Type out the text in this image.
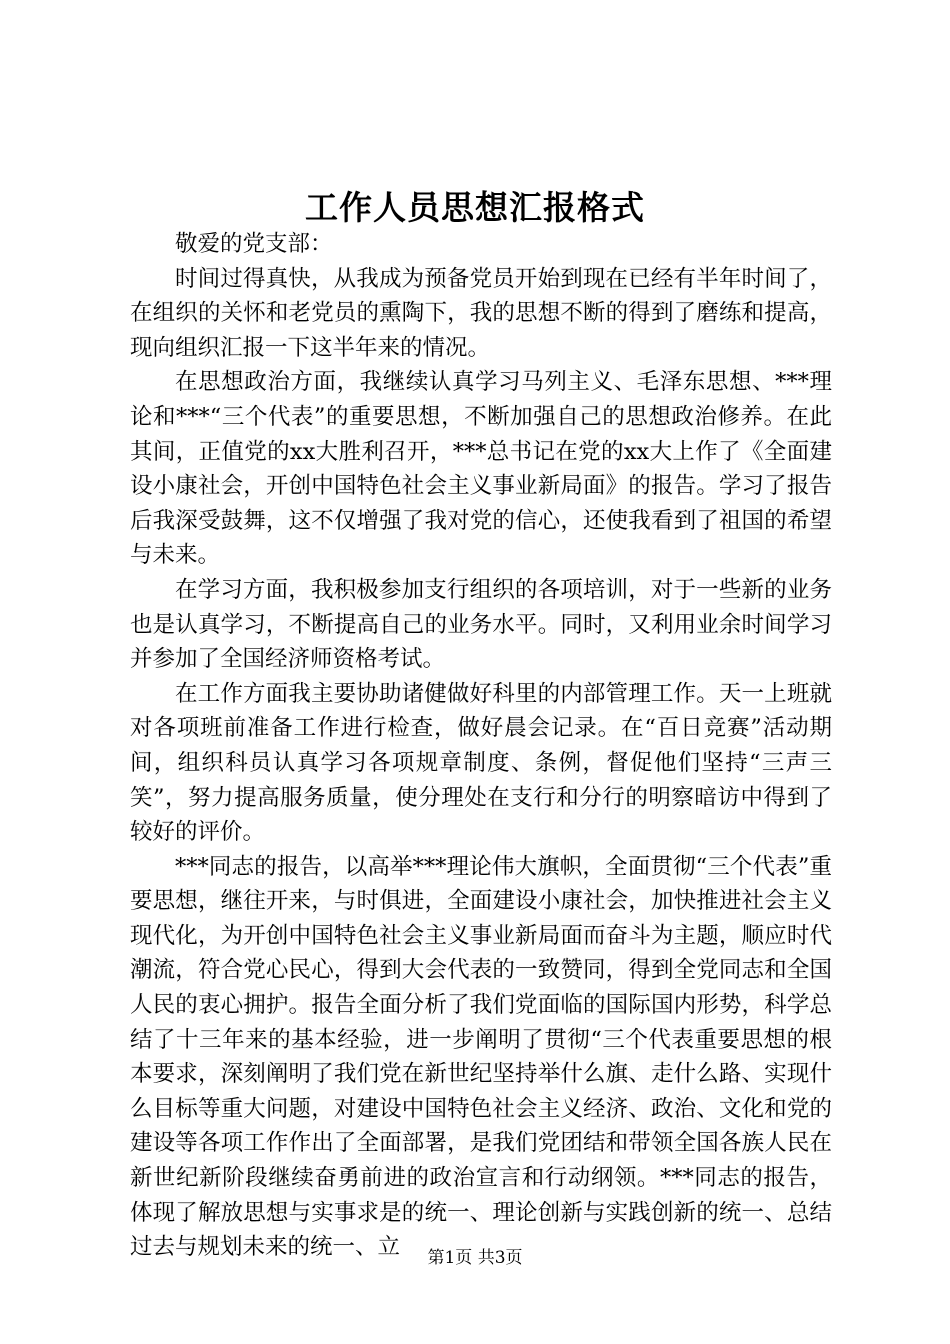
工作人员思想汇报格式

敬爱的党支部：

时间过得真快，从我成为预备党员开始到现在已经有半年时间了，在组织的关怀和老党员的熏陶下，我的思想不断的得到了磨练和提高，现向组织汇报一下这半年来的情况。

在思想政治方面，我继续认真学习马列主义、毛泽东思想、***理论和***“三个代表”的重要思想，不断加强自己的思想政治修养。在此其间，正值党的xx大胜利召开，***总书记在党的xx大上作了《全面建设小康社会，开创中国特色社会主义事业新局面》的报告。学习了报告后我深受鼓舞，这不仅增强了我对党的信心，还使我看到了祖国的希望与未来。

在学习方面，我积极参加支行组织的各项培训，对于一些新的业务也是认真学习，不断提高自己的业务水平。同时，又利用业余时间学习并参加了全国经济师资格考试。

在工作方面我主要协助诸健做好科里的内部管理工作。天一上班就对各项班前准备工作进行检查，做好晨会记录。在“百日竞赛”活动期间，组织科员认真学习各项规章制度、条例，督促他们坚持“三声三笑”，努力提高服务质量，使分理处在支行和分行的明察暗访中得到了较好的评价。

***同志的报告，以高举***理论伟大旗帜，全面贯彻“三个代表”重要思想，继往开来，与时俱进，全面建设小康社会，加快推进社会主义现代化，为开创中国特色社会主义事业新局面而奋斗为主题，顺应时代潮流，符合党心民心，得到大会代表的一致赞同，得到全党同志和全国人民的衷心拥护。报告全面分析了我们党面临的国际国内形势，科学总结了十三年来的基本经验，进一步阐明了贯彻“三个代表重要思想的根本要求，深刻阐明了我们党在新世纪坚持举什么旗、走什么路、实现什么目标等重大问题，对建设中国特色社会主义经济、政治、文化和党的建设等各项工作作出了全面部署，是我们党团结和带领全国各族人民在新世纪新阶段继续奋勇前进的政治宣言和行动纲领。***同志的报告，体现了解放思想与实事求是的统一、理论创新与实践创新的统一、总结过去与规划未来的统一、立	第1页 共3页
